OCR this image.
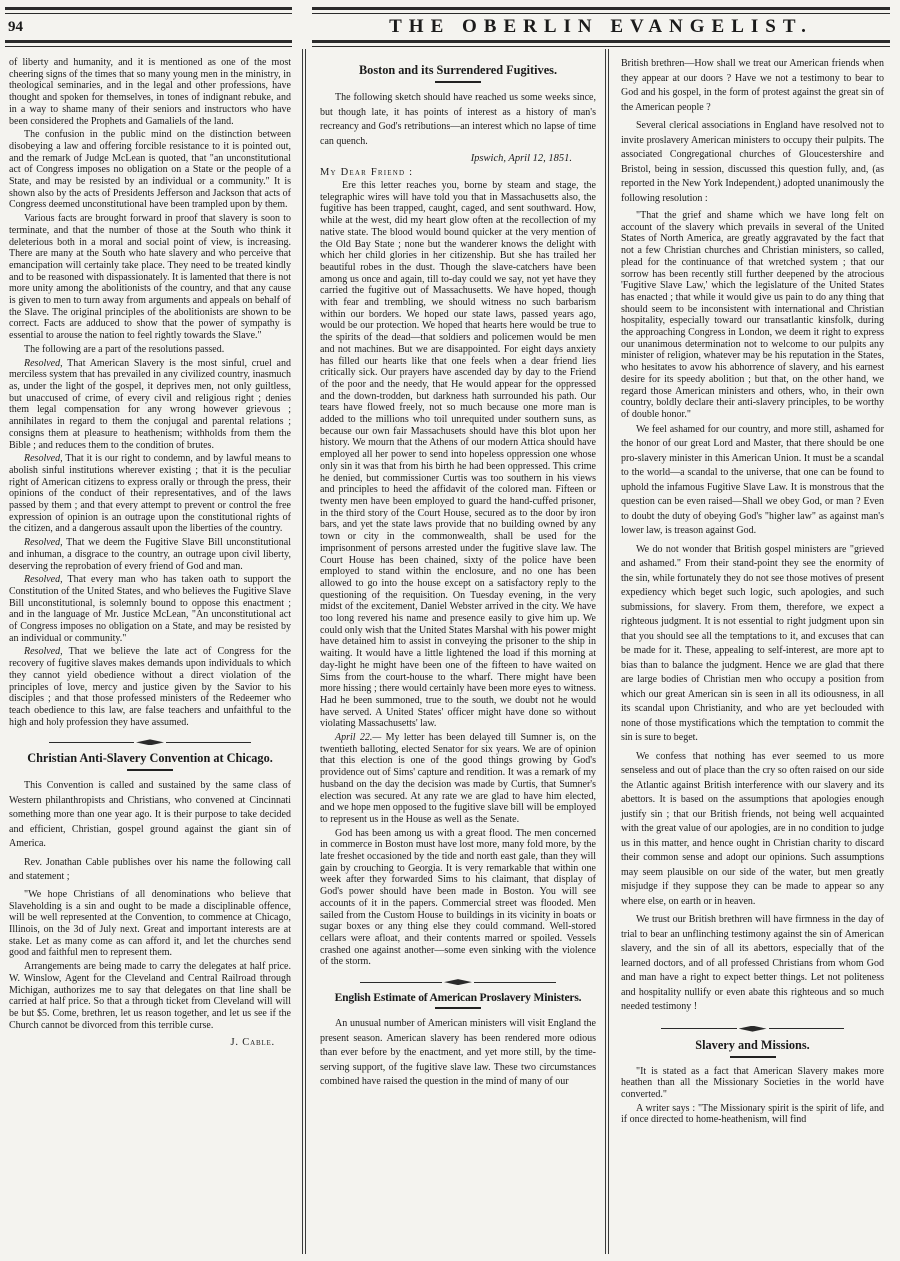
94	THE OBERLIN EVANGELIST.
of liberty and humanity, and it is mentioned as one of the most cheering signs of the times that so many young men in the ministry, in theological seminaries, and in the legal and other professions, have thought and spoken for themselves, in tones of indignant rebuke, and in a way to shame many of their seniors and instructors who have been considered the Prophets and Gamaliels of the land.
The confusion in the public mind on the distinction between disobeying a law and offering forcible resistance to it is pointed out, and the remark of Judge McLean is quoted, that "an unconstitutional act of Congress imposes no obligation on a State or the people of a State, and may be resisted by an individual or a community." It is shown also by the acts of Presidents Jefferson and Jackson that acts of Congress deemed unconstitutional have been trampled upon by them.
Various facts are brought forward in proof that slavery is soon to terminate, and that the number of those at the South who think it deleterious both in a moral and social point of view, is increasing. There are many at the South who hate slavery and who perceive that emancipation will certainly take place. They need to be treated kindly and to be reasoned with dispassionately. It is lamented that there is not more unity among the abolitionists of the country, and that any cause is given to men to turn away from arguments and appeals on behalf of the Slave. The original principles of the abolitionists are shown to be correct. Facts are adduced to show that the power of sympathy is essential to arouse the nation to feel rightly towards the Slave."
The following are a part of the resolutions passed.
Resolved, That American Slavery is the most sinful, cruel and merciless system that has prevailed in any civilized country, inasmuch as, under the light of the gospel, it deprives men, not only guiltless, but unaccused of crime, of every civil and religious right ; denies them legal compensation for any wrong however grievous ; annihilates in regard to them the conjugal and parental relations ; consigns them at pleasure to heathenism; withholds from them the Bible ; and reduces them to the condition of brutes.
Resolved, That it is our right to condemn, and by lawful means to abolish sinful institutions wherever existing ; that it is the peculiar right of American citizens to express orally or through the press, their opinions of the conduct of their representatives, and of the laws passed by them ; and that every attempt to prevent or control the free expression of opinion is an outrage upon the constitutional rights of the citizen, and a dangerous assault upon the liberties of the country.
Resolved, That we deem the Fugitive Slave Bill unconstitutional and inhuman, a disgrace to the country, an outrage upon civil liberty, deserving the reprobation of every friend of God and man.
Resolved, That every man who has taken oath to support the Constitution of the United States, and who believes the Fugitive Slave Bill unconstitutional, is solemnly bound to oppose this enactment ; and in the language of Mr. Justice McLean, "An unconstitutional act of Congress imposes no obligation on a State, and may be resisted by an individual or community."
Resolved, That we believe the late act of Congress for the recovery of fugitive slaves makes demands upon individuals to which they cannot yield obedience without a direct violation of the principles of love, mercy and justice given by the Savior to his disciples ; and that those professed ministers of the Redeemer who teach obedience to this law, are false teachers and unfaithful to the high and holy profession they have assumed.
Christian Anti-Slavery Convention at Chicago.
This Convention is called and sustained by the same class of Western philanthropists and Christians, who convened at Cincinnati something more than one year ago. It is their purpose to take decided and efficient, Christian, gospel ground against the giant sin of America.
Rev. Jonathan Cable publishes over his name the following call and statement ;
"We hope Christians of all denominations who believe that Slaveholding is a sin and ought to be made a disciplinable offence, will be well represented at the Convention, to commence at Chicago, Illinois, on the 3d of July next. Great and important interests are at stake. Let as many come as can afford it, and let the churches send good and faithful men to represent them.
Arrangements are being made to carry the delegates at half price. W. Winslow, Agent for the Cleveland and Central Railroad through Michigan, authorizes me to say that delegates on that line shall be carried at half price. So that a through ticket from Cleveland will will be but $5. Come, brethren, let us reason together, and let us see if the Church cannot be divorced from this terrible curse.
J. Cable.
Boston and its Surrendered Fugitives.
The following sketch should have reached us some weeks since, but though late, it has points of interest as a history of man's recreancy and God's retributions—an interest which no lapse of time can quench.
Ipswich, April 12, 1851.
My Dear Friend :
Ere this letter reaches you, borne by steam and stage, the telegraphic wires will have told you that in Massachusetts also, the fugitive has been trapped, caught, caged, and sent southward. How, while at the west, did my heart glow often at the recollection of my native state. The blood would bound quicker at the very mention of the Old Bay State ; none but the wanderer knows the delight with which her child glories in her citizenship. But she has trailed her beautiful robes in the dust. Though the slave-catchers have been among us once and again, till to-day could we say, not yet have they carried the fugitive out of Massachusetts. We have hoped, though with fear and trembling, we should witness no such barbarism within our borders. We hoped our state laws, passed years ago, would be our protection. We hoped that hearts here would be true to the spirits of the dead—that soldiers and policemen would be men and not machines. But we are disappointed. For eight days anxiety has filled our hearts like that one feels when a dear friend lies critically sick. Our prayers have ascended day by day to the Friend of the poor and the needy, that He would appear for the oppressed and the down-trodden, but darkness hath surrounded his path. Our tears have flowed freely, not so much because one more man is added to the millions who toil unrequited under southern suns, as because our own fair Massachusets should have this blot upon her history. We mourn that the Athens of our modern Attica should have employed all her power to send into hopeless oppression one whose only sin it was that from his birth he had been oppressed. This crime he denied, but commissioner Curtis was too southern in his views and principles to heed the affidavit of the colored man. Fifteen or twenty men have been employed to guard the hand-cuffed prisoner, in the third story of the Court House, secured as to the door by iron bars, and yet the state laws provide that no building owned by any town or city in the commonwealth, shall be used for the imprisonment of persons arrested under the fugitive slave law. The Court House has been chained, sixty of the police have been employed to stand within the enclosure, and no one has been allowed to go into the house except on a satisfactory reply to the questioning of the requisition. On Tuesday evening, in the very midst of the excitement, Daniel Webster arrived in the city. We have too long revered his name and presence easily to give him up. We could only wish that the United States Marshal with his power might have detained him to assist in conveying the prisoner to the ship in waiting. It would have a little lightened the load if this morning at day-light he might have been one of the fifteen to have waited on Sims from the court-house to the wharf. There might have been more hissing ; there would certainly have been more eyes to witness. Had he been summoned, true to the south, we doubt not he would have served. A United States' officer might have done so without violating Massachusetts' law.
April 22.— My letter has been delayed till Sumner is, on the twentieth balloting, elected Senator for six years. We are of opinion that this election is one of the good things growing by God's providence out of Sims' capture and rendition. It was a remark of my husband on the day the decision was made by Curtis, that Sumner's election was secured. At any rate we are glad to have him elected, and we hope men opposed to the fugitive slave bill will be employed to represent us in the House as well as the Senate.
God has been among us with a great flood. The men concerned in commerce in Boston must have lost more, many fold more, by the late freshet occasioned by the tide and north east gale, than they will gain by crouching to Georgia. It is very remarkable that within one week after they forwarded Sims to his claimant, that display of God's power should have been made in Boston. You will see accounts of it in the papers. Commercial street was flooded. Men sailed from the Custom House to buildings in its vicinity in boats or sugar boxes or any thing else they could command. Well-stored cellars were afloat, and their contents marred or spoiled. Vessels crashed one against another—some even sinking with the violence of the storm.
English Estimate of American Proslavery Ministers.
An unusual number of American ministers will visit England the present season. American slavery has been rendered more odious than ever before by the enactment, and yet more still, by the time-serving support, of the fugitive slave law. These two circumstances combined have raised the question in the mind of many of our
British brethren—How shall we treat our American friends when they appear at our doors ? Have we not a testimony to bear to God and his gospel, in the form of protest against the great sin of the American people ?
Several clerical associations in England have resolved not to invite proslavery American ministers to occupy their pulpits. The associated Congregational churches of Gloucestershire and Bristol, being in session, discussed this question fully, and, (as reported in the New York Independent,) adopted unanimously the following resolution :
"That the grief and shame which we have long felt on account of the slavery which prevails in several of the United States of North America, are greatly aggravated by the fact that not a few Christian churches and Christian ministers, so called, plead for the continuance of that wretched system ; that our sorrow has been recently still further deepened by the atrocious 'Fugitive Slave Law,' which the legislature of the United States has enacted ; that while it would give us pain to do any thing that should seem to be inconsistent with international and Christian hospitality, especially toward our transatlantic kinsfolk, during the approaching Congress in London, we deem it right to express our unanimous determination not to welcome to our pulpits any minister of religion, whatever may be his reputation in the States, who hesitates to avow his abhorrence of slavery, and his earnest desire for its speedy abolition ; but that, on the other hand, we regard those American ministers and others, who, in their own country, boldly declare their anti-slavery principles, to be worthy of double honor."
We feel ashamed for our country, and more still, ashamed for the honor of our great Lord and Master, that there should be one pro-slavery minister in this American Union. It must be a scandal to the world—a scandal to the universe, that one can be found to uphold the infamous Fugitive Slave Law. It is monstrous that the question can be even raised—Shall we obey God, or man ? Even to doubt the duty of obeying God's "higher law" as against man's lower law, is treason against God.
We do not wonder that British gospel ministers are "grieved and ashamed." From their stand-point they see the enormity of the sin, while fortunately they do not see those motives of present expediency which beget such logic, such apologies, and such submissions, for slavery. From them, therefore, we expect a righteous judgment. It is not essential to right judgment upon sin that you should see all the temptations to it, and excuses that can be made for it. These, appealing to self-interest, are more apt to bias than to balance the judgment. Hence we are glad that there are large bodies of Christian men who occupy a position from which our great American sin is seen in all its odiousness, in all its scandal upon Christianity, and who are yet beclouded with none of those mystifications which the temptation to commit the sin is sure to beget.
We confess that nothing has ever seemed to us more senseless and out of place than the cry so often raised on our side the Atlantic against British interference with our slavery and its abettors. It is based on the assumptions that apologies enough justify sin ; that our British friends, not being well acquainted with the great value of our apologies, are in no condition to judge us in this matter, and hence ought in Christian charity to discard their common sense and adopt our opinions. Such assumptions may seem plausible on our side of the water, but men greatly misjudge if they suppose they can be made to appear so any where else, on earth or in heaven.
We trust our British brethren will have firmness in the day of trial to bear an unflinching testimony against the sin of American slavery, and the sin of all its abettors, especially that of the learned doctors, and of all professed Christians from whom God and man have a right to expect better things. Let not politeness and hospitality nullify or even abate this righteous and so much needed testimony !
Slavery and Missions.
"It is stated as a fact that American Slavery makes more heathen than all the Missionary Societies in the world have converted."
A writer says : "The Missionary spirit is the spirit of life, and if once directed to home-heathenism, will find
